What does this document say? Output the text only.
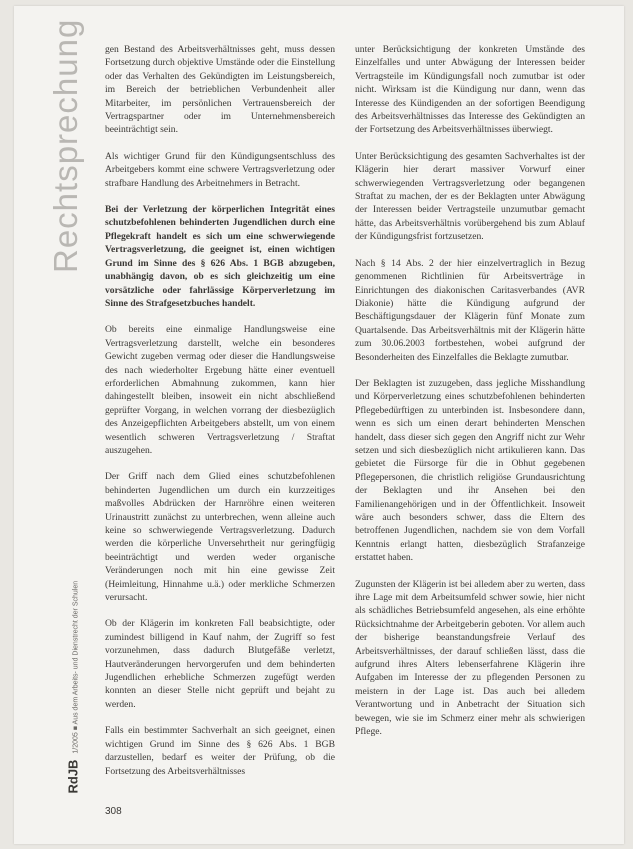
Rechtsprechung
RdJB 1/2005 ■ Aus dem Arbeits- und Dienstrecht der Schulen

gen Bestand des Arbeitsverhältnisses geht, muss dessen Fortsetzung durch objektive Umstände oder die Einstellung oder das Verhalten des Gekündigten im Leistungsbereich, im Bereich der betrieblichen Verbundenheit aller Mitarbeiter, im persönlichen Vertrauensbereich der Vertragspartner oder im Unternehmensbereich beeinträchtigt sein.

Als wichtiger Grund für den Kündigungsentschluss des Arbeitgebers kommt eine schwere Vertragsverletzung oder strafbare Handlung des Arbeitnehmers in Betracht.

Bei der Verletzung der körperlichen Integrität eines schutzbefohlenen behinderten Jugendlichen durch eine Pflegekraft handelt es sich um eine schwerwiegende Vertragsverletzung, die geeignet ist, einen wichtigen Grund im Sinne des § 626 Abs. 1 BGB abzugeben, unabhängig davon, ob es sich gleichzeitig um eine vorsätzliche oder fahrlässige Körperverletzung im Sinne des Strafgesetzbuches handelt.

Ob bereits eine einmalige Handlungsweise eine Vertragsverletzung darstellt, welche ein besonderes Gewicht zugeben vermag oder dieser die Handlungsweise des nach wiederholter Ergebung hätte einer eventuell erforderlichen Abmahnung zukommen, kann hier dahingestellt bleiben, insoweit ein nicht abschließend geprüfter Vorgang, in welchen vorrang der diesbezüglich des Anzeigepflichten Arbeitgebers abstellt, um von einem wesentlich schweren Vertragsverletzung / Straftat auszugehen.

Der Griff nach dem Glied eines schutzbefohlenen behinderten Jugendlichen um durch ein kurzzeitiges maßvolles Abdrücken der Harnröhre einen weiteren Urinaustritt zunächst zu unterbrechen, wenn alleine auch keine so schwerwiegende Vertragsverletzung. Dadurch werden die körperliche Unversehrtheit nur geringfügig beeinträchtigt und werden weder organische Veränderungen noch mit hin eine gewisse Zeit (Heimleitung, Hinnahme u.ä.) oder merkliche Schmerzen verursacht.

Ob der Klägerin im konkreten Fall beabsichtigte, oder zumindest billigend in Kauf nahm, der Zugriff so fest vorzunehmen, dass dadurch Blutgefäße verletzt, Hautveränderungen hervorgerufen und dem behinderten Jugendlichen erhebliche Schmerzen zugefügt werden konnten an dieser Stelle nicht geprüft und bejaht zu werden.

Falls ein bestimmter Sachverhalt an sich geeignet, einen wichtigen Grund im Sinne des § 626 Abs. 1 BGB darzustellen, bedarf es weiter der Prüfung, ob die Fortsetzung des Arbeitsverhältnisses

unter Berücksichtigung der konkreten Umstände des Einzelfalles und unter Abwägung der Interessen beider Vertragsteile im Kündigungsfall noch zumutbar ist oder nicht. Wirksam ist die Kündigung nur dann, wenn das Interesse des Kündigenden an der sofortigen Beendigung des Arbeitsverhältnisses das Interesse des Gekündigten an der Fortsetzung des Arbeitsverhältnisses überwiegt.

Unter Berücksichtigung des gesamten Sachverhaltes ist der Klägerin hier derart massiver Vorwurf einer schwerwiegenden Vertragsverletzung oder begangenen Straftat zu machen, der es der Beklagten unter Abwägung der Interessen beider Vertragsteile unzumutbar gemacht hätte, das Arbeitsverhältnis vorübergehend bis zum Ablauf der Kündigungsfrist fortzusetzen.

Nach § 14 Abs. 2 der hier einzelvertraglich in Bezug genommenen Richtlinien für Arbeitsverträge in Einrichtungen des diakonischen Caritasverbandes (AVR Diakonie) hätte die Kündigung aufgrund der Beschäftigungsdauer der Klägerin fünf Monate zum Quartalsende. Das Arbeitsverhältnis mit der Klägerin hätte zum 30.06.2003 fortbestehen, wobei aufgrund der Besonderheiten des Einzelfalles die Beklagte zumutbar.

Der Beklagten ist zuzugeben, dass jegliche Misshandlung und Körperverletzung eines schutzbefohlenen behinderten Pflegebedürftigen zu unterbinden ist. Insbesondere dann, wenn es sich um einen derart behinderten Menschen handelt, dass dieser sich gegen den Angriff nicht zur Wehr setzen und sich diesbezüglich nicht artikulieren kann. Das gebietet die Fürsorge für die in Obhut gegebenen Pflegepersonen, die christlich religiöse Grundausrichtung der Beklagten und ihr Ansehen bei den Familienangehörigen und in der Öffentlichkeit. Insoweit wäre auch besonders schwer, dass die Eltern des betroffenen Jugendlichen, nachdem sie von dem Vorfall Kenntnis erlangt hatten, diesbezüglich Strafanzeige erstattet haben.

Zugunsten der Klägerin ist bei alledem aber zu werten, dass ihre Lage mit dem Arbeitsumfeld schwer sowie, hier nicht als schädliches Betriebsumfeld angesehen, als eine erhöhte Rücksichtnahme der Arbeitgeberin geboten. Vor allem auch der bisherige beanstandungsfreie Verlauf des Arbeitsverhältnisses, der darauf schließen lässt, dass die aufgrund ihres Alters lebenserfahrene Klägerin ihre Aufgaben im Interesse der zu pflegenden Personen zu meistern in der Lage ist. Das auch bei alledem Verantwortung und in Anbetracht der Situation sich bewegen, wie sie im Schmerz einer mehr als schwierigen Pflege.

308
